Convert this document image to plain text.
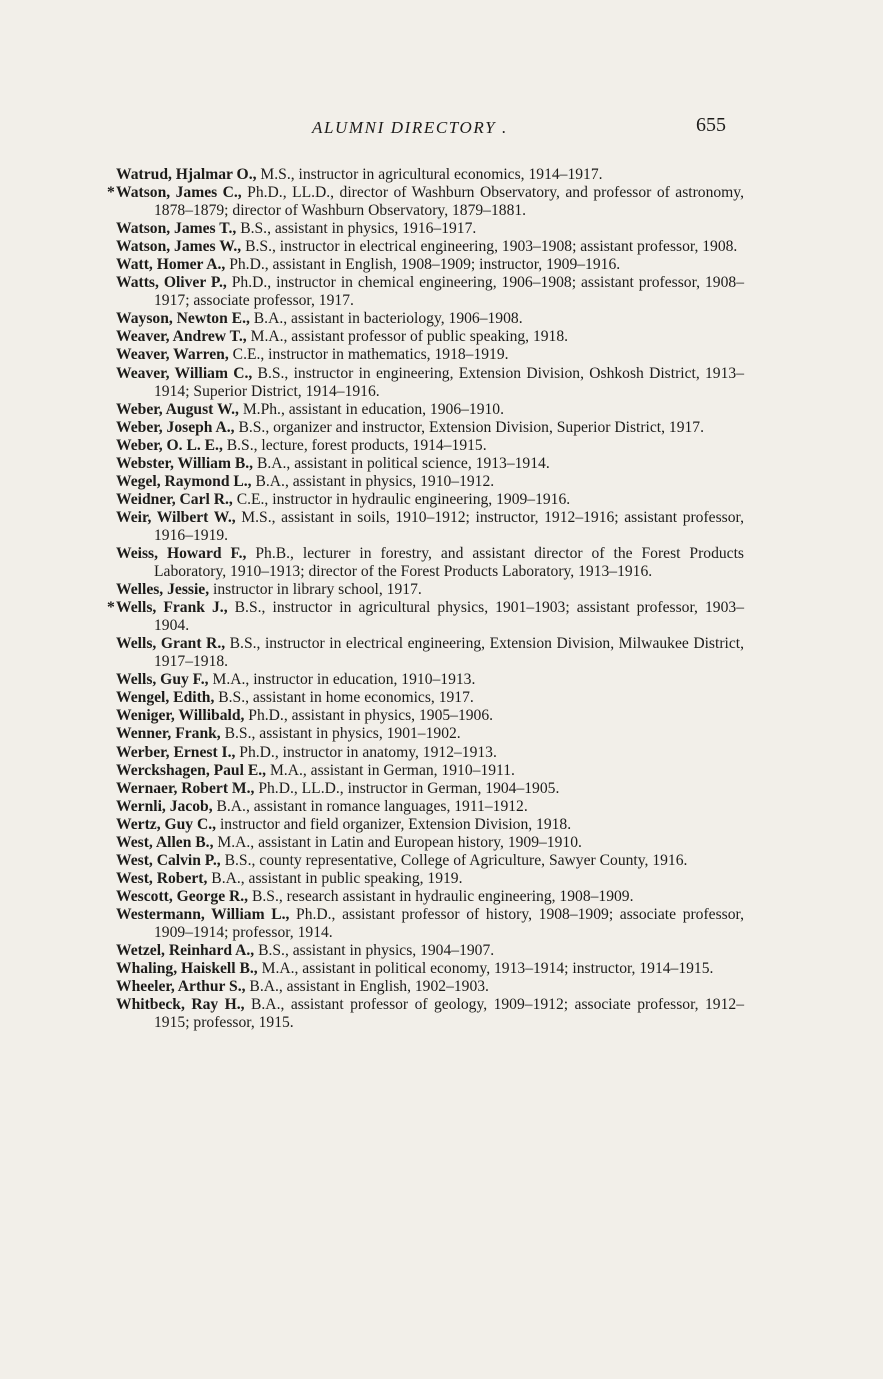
ALUMNI DIRECTORY .	655

Watrud, Hjalmar O., M.S., instructor in agricultural economics, 1914–1917.

* Watson, James C., Ph.D., LL.D., director of Washburn Observatory, and professor of astronomy, 1878–1879; director of Washburn Observatory, 1879–1881.

Watson, James T., B.S., assistant in physics, 1916–1917.

Watson, James W., B.S., instructor in electrical engineering, 1903–1908; assistant professor, 1908.

Watt, Homer A., Ph.D., assistant in English, 1908–1909; instructor, 1909–1916.

Watts, Oliver P., Ph.D., instructor in chemical engineering, 1906–1908; assistant professor, 1908–1917; associate professor, 1917.

Wayson, Newton E., B.A., assistant in bacteriology, 1906–1908.

Weaver, Andrew T., M.A., assistant professor of public speaking, 1918.

Weaver, Warren, C.E., instructor in mathematics, 1918–1919.

Weaver, William C., B.S., instructor in engineering, Extension Division, Oshkosh District, 1913–1914; Superior District, 1914–1916.

Weber, August W., M.Ph., assistant in education, 1906–1910.

Weber, Joseph A., B.S., organizer and instructor, Extension Division, Superior District, 1917.

Weber, O. L. E., B.S., lecture, forest products, 1914–1915.

Webster, William B., B.A., assistant in political science, 1913–1914.

Wegel, Raymond L., B.A., assistant in physics, 1910–1912.

Weidner, Carl R., C.E., instructor in hydraulic engineering, 1909–1916.

Weir, Wilbert W., M.S., assistant in soils, 1910–1912; instructor, 1912–1916; assistant professor, 1916–1919.

Weiss, Howard F., Ph.B., lecturer in forestry, and assistant director of the Forest Products Laboratory, 1910–1913; director of the Forest Products Laboratory, 1913–1916.

Welles, Jessie, instructor in library school, 1917.

* Wells, Frank J., B.S., instructor in agricultural physics, 1901–1903; assistant professor, 1903–1904.

Wells, Grant R., B.S., instructor in electrical engineering, Extension Division, Milwaukee District, 1917–1918.

Wells, Guy F., M.A., instructor in education, 1910–1913.

Wengel, Edith, B.S., assistant in home economics, 1917.

Weniger, Willibald, Ph.D., assistant in physics, 1905–1906.

Wenner, Frank, B.S., assistant in physics, 1901–1902.

Werber, Ernest I., Ph.D., instructor in anatomy, 1912–1913.

Werckshagen, Paul E., M.A., assistant in German, 1910–1911.

Wernaer, Robert M., Ph.D., LL.D., instructor in German, 1904–1905.

Wernli, Jacob, B.A., assistant in romance languages, 1911–1912.

Wertz, Guy C., instructor and field organizer, Extension Division, 1918.

West, Allen B., M.A., assistant in Latin and European history, 1909–1910.

West, Calvin P., B.S., county representative, College of Agriculture, Sawyer County, 1916.

West, Robert, B.A., assistant in public speaking, 1919.

Wescott, George R., B.S., research assistant in hydraulic engineering, 1908–1909.

Westermann, William L., Ph.D., assistant professor of history, 1908–1909; associate professor, 1909–1914; professor, 1914.

Wetzel, Reinhard A., B.S., assistant in physics, 1904–1907.

Whaling, Haiskell B., M.A., assistant in political economy, 1913–1914; instructor, 1914–1915.

Wheeler, Arthur S., B.A., assistant in English, 1902–1903.

Whitbeck, Ray H., B.A., assistant professor of geology, 1909–1912; associate professor, 1912–1915; professor, 1915.
